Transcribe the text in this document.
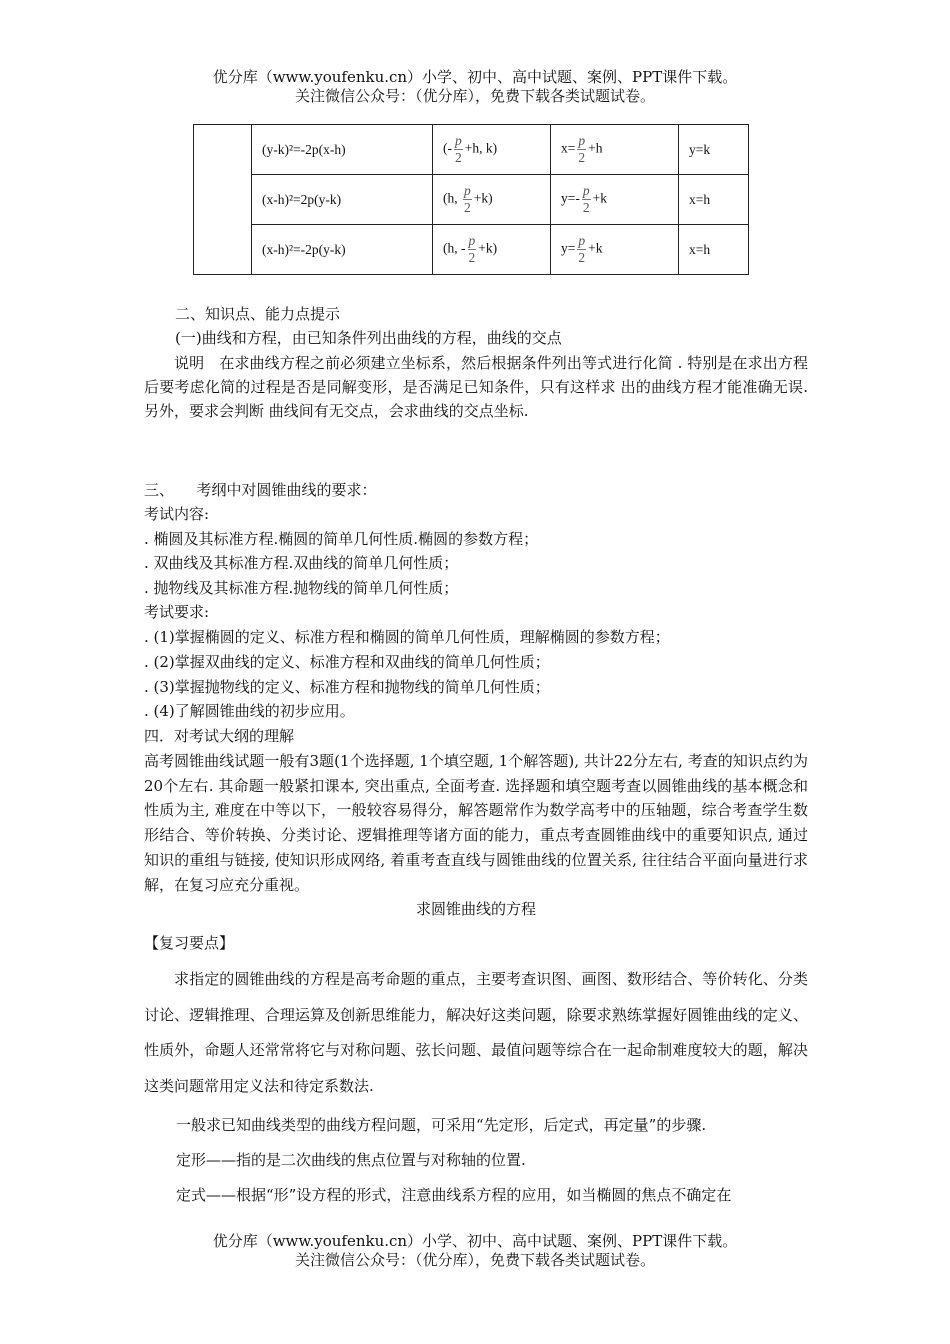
优分库（www.youfenku.cn）小学、初中、高中试题、案例、PPT课件下载。
关注微信公众号：（优分库），免费下载各类试题试卷。
	(y-k)²=-2p(x-h)	(- $\frac{p}{2} +h$, k)	$x= \frac{p}{2} +h$	y=k
	(x-h)²=2p(y-k)	(h, $\frac{p}{2} +k$)	$y=- \frac{p}{2} +k$	x=h
	(x-h)²=-2p(y-k)	(h, - $\frac{p}{2} +k$)	$y= \frac{p}{2} +k$	x=h
二、知识点、能力点提示
(一)曲线和方程，由已知条件列出曲线的方程，曲线的交点
说明　在求曲线方程之前必须建立坐标系，然后根据条件列出等式进行化简 . 特别是在求出方程后要考虑化简的过程是否是同解变形，是否满足已知条件，只有这样求 出的曲线方程才能准确无误. 另外，要求会判断 曲线间有无交点，会求曲线的交点坐标.
三、　　考纲中对圆锥曲线的要求：
考试内容:
. 椭圆及其标准方程.椭圆的简单几何性质.椭圆的参数方程；
. 双曲线及其标准方程.双曲线的简单几何性质；
. 抛物线及其标准方程.抛物线的简单几何性质；
考试要求:
. (1)掌握椭圆的定义、标准方程和椭圆的简单几何性质，理解椭圆的参数方程；
. (2)掌握双曲线的定义、标准方程和双曲线的简单几何性质；
. (3)掌握抛物线的定义、标准方程和抛物线的简单几何性质；
. (4)了解圆锥曲线的初步应用。
四．对考试大纲的理解
高考圆锥曲线试题一般有3题(1个选择题, 1个填空题, 1个解答题), 共计22分左右, 考查的知识点约为20个左右. 其命题一般紧扣课本, 突出重点, 全面考查. 选择题和填空题考查以圆锥曲线的基本概念和性质为主, 难度在中等以下，一般较容易得分，解答题常作为数学高考中的压轴题，综合考查学生数形结合、等价转换、分类讨论、逻辑推理等诸方面的能力，重点考查圆锥曲线中的重要知识点, 通过知识的重组与链接, 使知识形成网络, 着重考查直线与圆锥曲线的位置关系, 往往结合平面向量进行求解，在复习应充分重视。
求圆锥曲线的方程
【复习要点】
求指定的圆锥曲线的方程是高考命题的重点，主要考查识图、画图、数形结合、等价转化、分类讨论、逻辑推理、合理运算及创新思维能力，解决好这类问题，除要求熟练掌握好圆锥曲线的定义、性质外，命题人还常常将它与对称问题、弦长问题、最值问题等综合在一起命制难度较大的题，解决这类问题常用定义法和待定系数法.
一般求已知曲线类型的曲线方程问题，可采用“先定形，后定式，再定量”的步骤.
定形——指的是二次曲线的焦点位置与对称轴的位置.
定式——根据“形”设方程的形式，注意曲线系方程的应用，如当椭圆的焦点不确定在
优分库（www.youfenku.cn）小学、初中、高中试题、案例、PPT课件下载。
关注微信公众号：（优分库），免费下载各类试题试卷。
